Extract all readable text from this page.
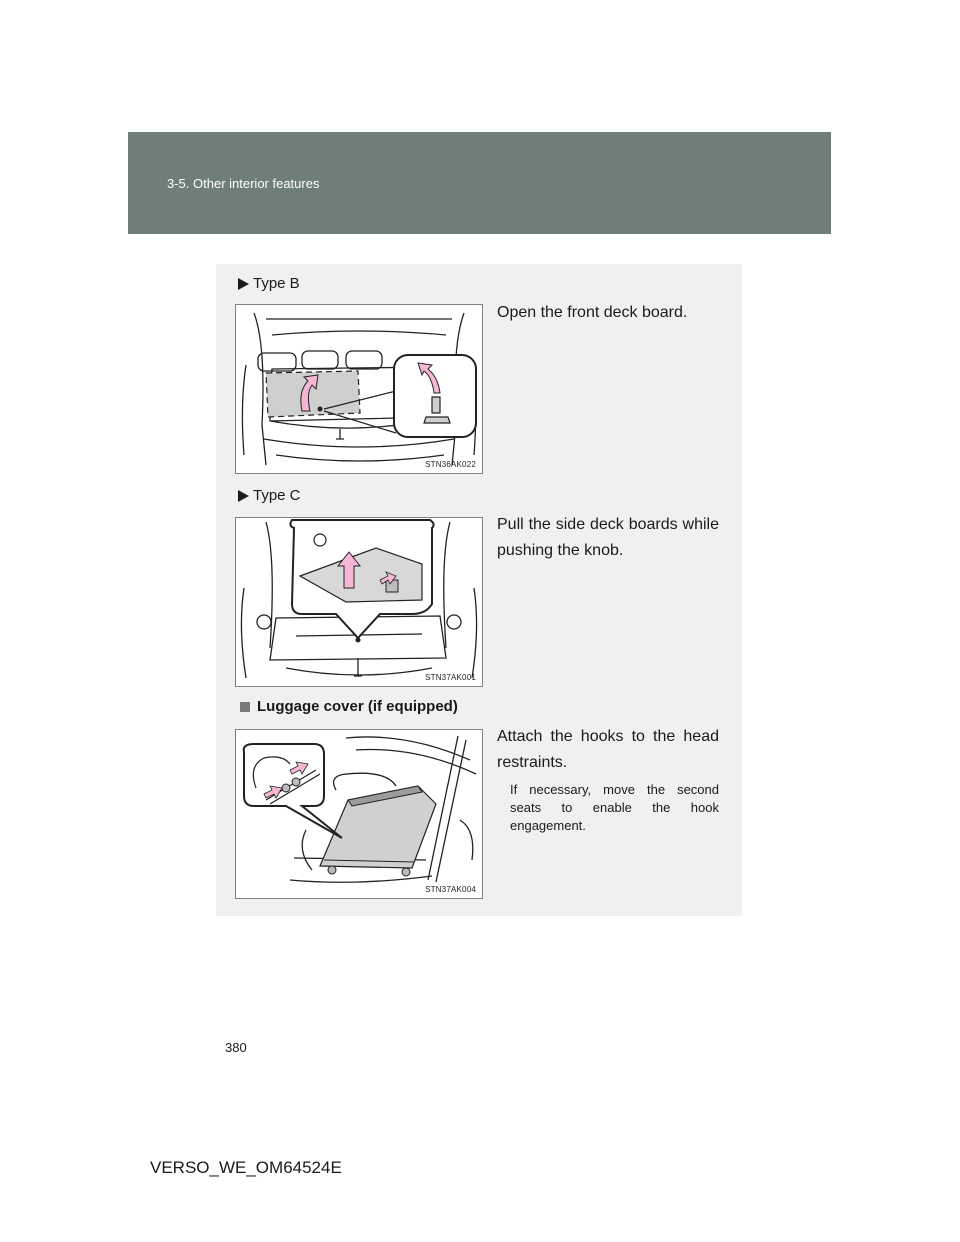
3-5. Other interior features
Type B
STN36AK022
Open the front deck board.
Type C
STN37AK001
Pull the side deck boards while pushing the knob.
Luggage cover (if equipped)
STN37AK004
Attach the hooks to the head restraints.
If necessary, move the second seats to enable the hook engagement.
380
VERSO_WE_OM64524E
